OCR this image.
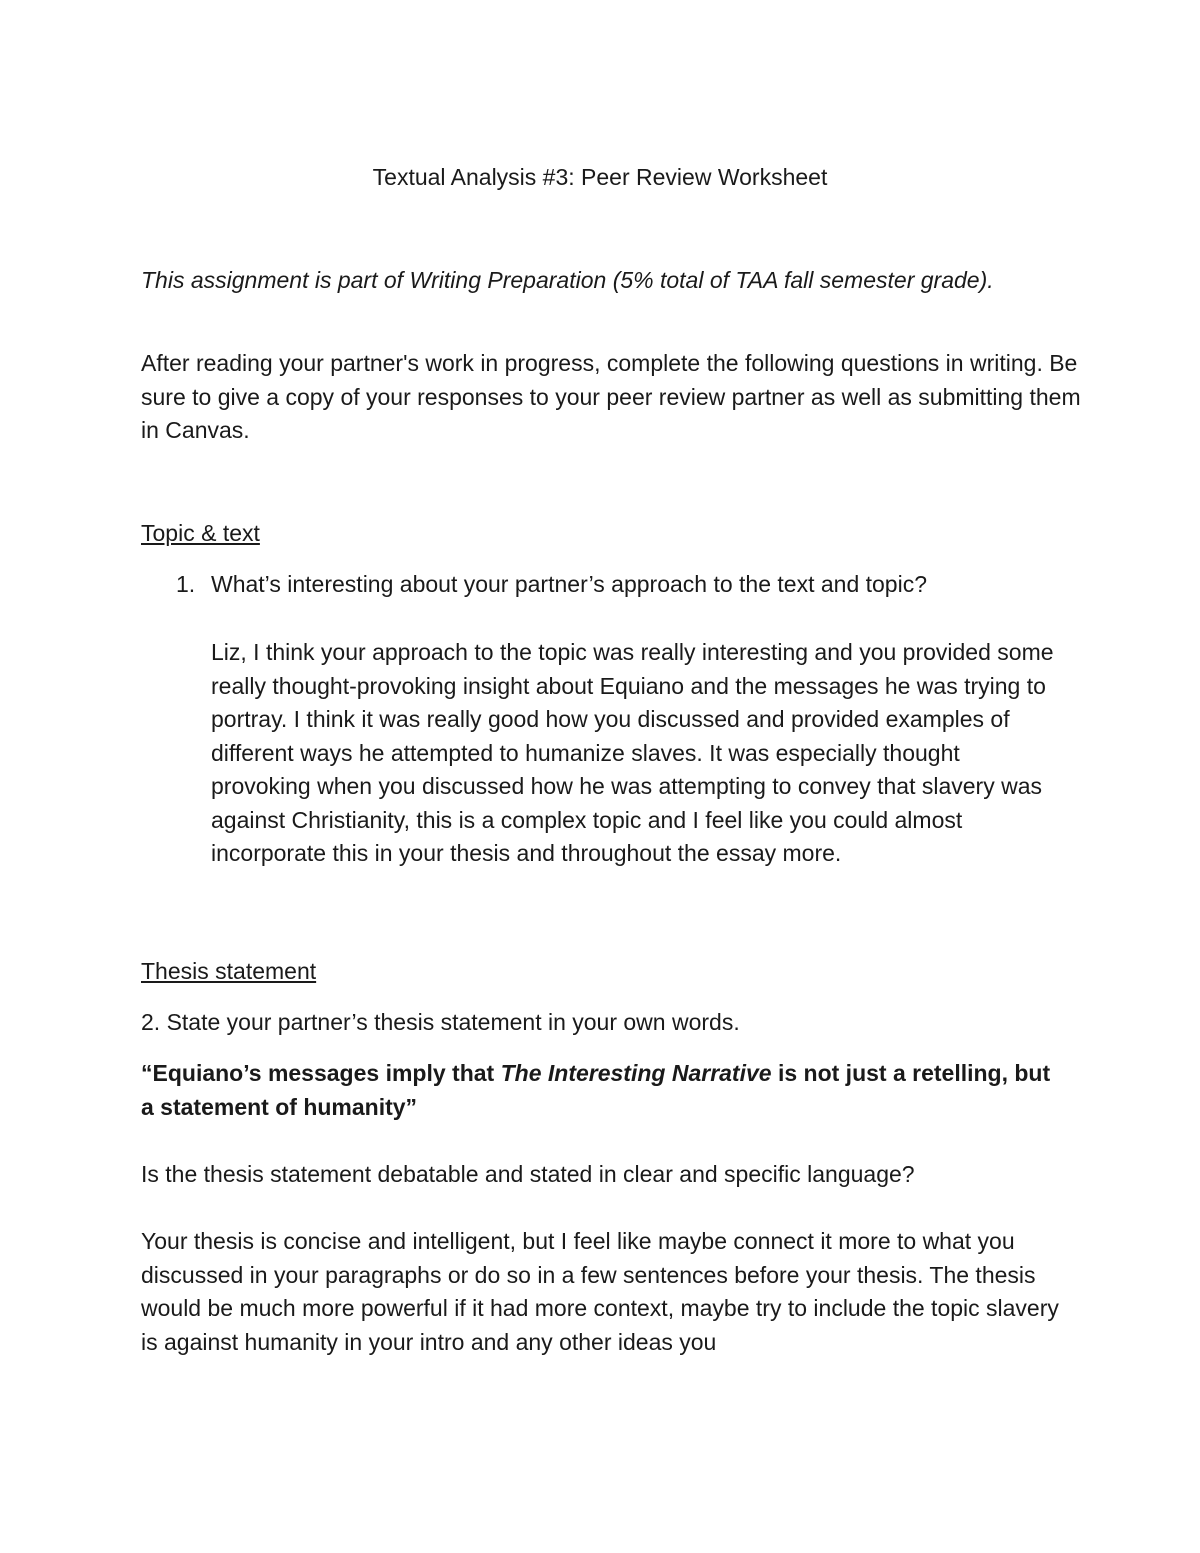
Textual Analysis #3: Peer Review Worksheet

This assignment is part of Writing Preparation (5% total of TAA fall semester grade).

After reading your partner's work in progress, complete the following questions in writing. Be sure to give a copy of your responses to your peer review partner as well as submitting them in Canvas.

Topic & text

1. What’s interesting about your partner’s approach to the text and topic?

Liz, I think your approach to the topic was really interesting and you provided some really thought-provoking insight about Equiano and the messages he was trying to portray. I think it was really good how you discussed and provided examples of different ways he attempted to humanize slaves. It was especially thought provoking when you discussed how he was attempting to convey that slavery was against Christianity, this is a complex topic and I feel like you could almost incorporate this in your thesis and throughout the essay more.

Thesis statement

2. State your partner’s thesis statement in your own words.

“Equiano’s messages imply that The Interesting Narrative is not just a retelling, but a statement of humanity”

Is the thesis statement debatable and stated in clear and specific language?

Your thesis is concise and intelligent, but I feel like maybe connect it more to what you discussed in your paragraphs or do so in a few sentences before your thesis. The thesis would be much more powerful if it had more context, maybe try to include the topic slavery is against humanity in your intro and any other ideas you
